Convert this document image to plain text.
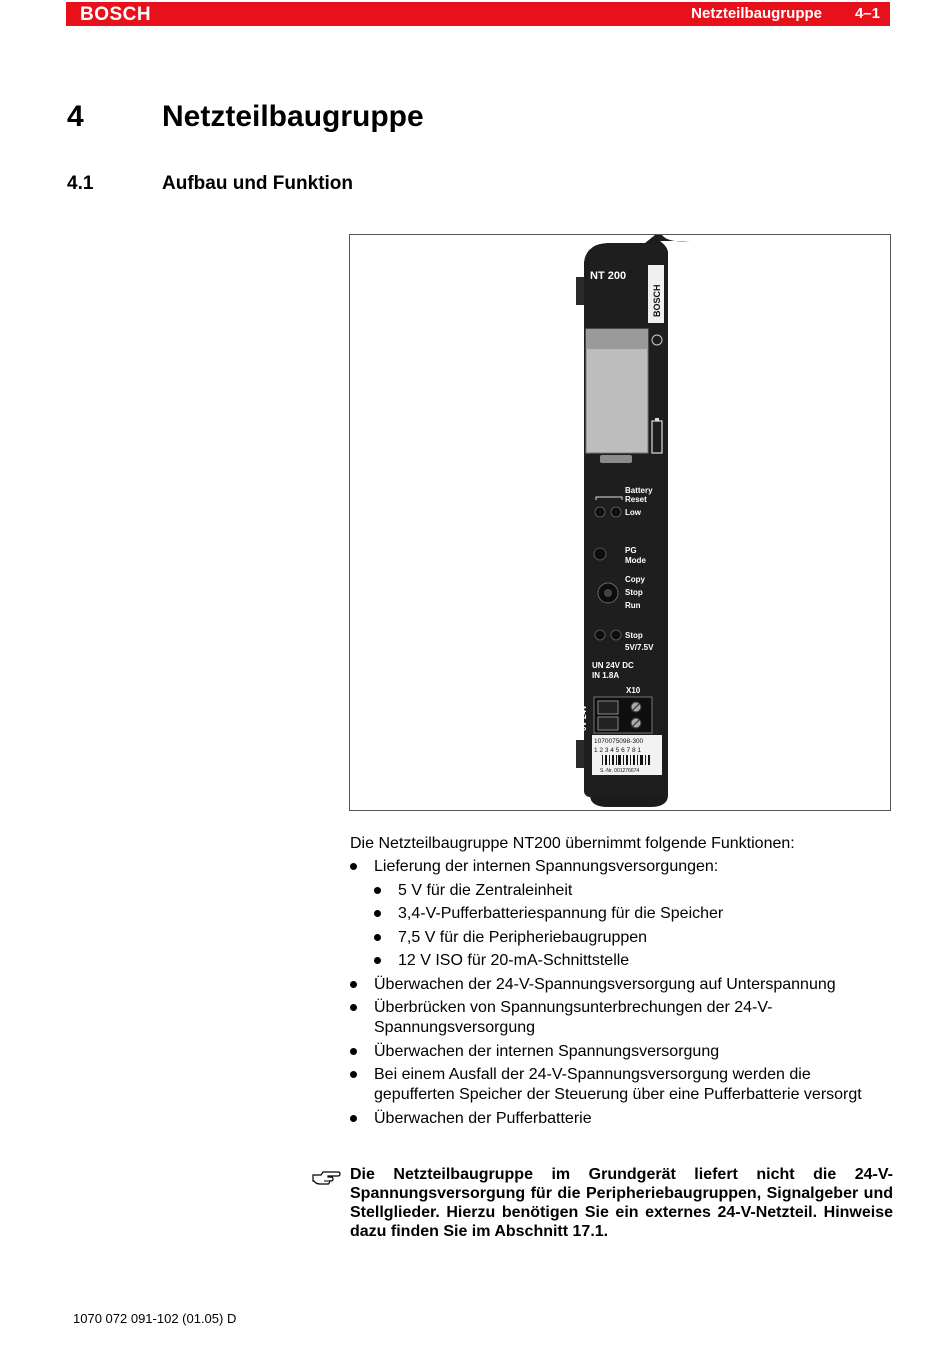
BOSCH	Netzteilbaugruppe 4–1
4	Netzteilbaugruppe
4.1	Aufbau und Funktion
NT 200
BOSCH
Battery
Reset
Low
PG
Mode
Copy
Stop
Run
Stop
5V/7.5V
UN 24V DC
IN 1.8A
X10
0V 24V
1070075098-300
1 2 3 4 5 6 7 8 1
S.-Nr. 001276674

Die Netzteilbaugruppe NT200 übernimmt folgende Funktionen:

Lieferung der internen Spannungsversorgungen:
5 V für die Zentraleinheit
3,4-V-Pufferbatteriespannung für die Speicher
7,5 V für die Peripheriebaugruppen
12 V ISO für 20-mA-Schnittstelle
Überwachen der 24-V-Spannungsversorgung auf Unterspannung
Überbrücken von Spannungsunterbrechungen der 24-V-Spannungsversorgung
Überwachen der internen Spannungsversorgung
Bei einem Ausfall der 24-V-Spannungsversorgung werden die gepufferten Speicher der Steuerung über eine Pufferbatterie versorgt
Überwachen der Pufferbatterie
Die Netzteilbaugruppe im Grundgerät liefert nicht die 24-V-Spannungsversorgung für die Peripheriebaugruppen, Signalgeber und Stellglieder. Hierzu benötigen Sie ein externes 24-V-Netzteil. Hinweise dazu finden Sie im Abschnitt 17.1.
1070 072 091-102 (01.05) D
